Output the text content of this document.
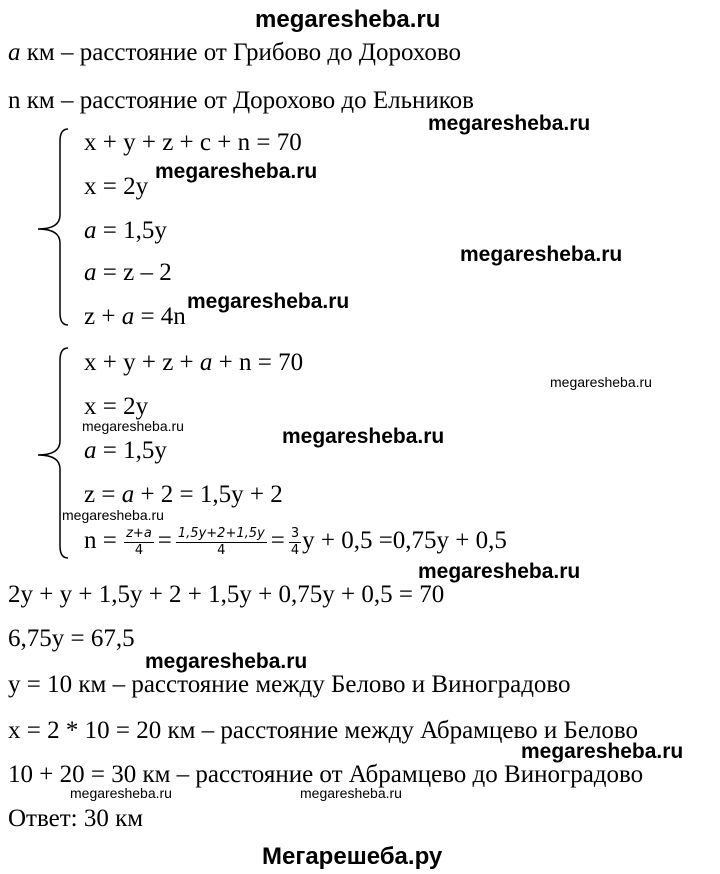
megaresheba.ru
a км – расстояние от Грибово до Дорохово
n км – расстояние от Дорохово до Ельников
x + y + z + c + n = 70
x = 2y
a = 1,5y
a = z – 2
z + a = 4n
x + y + z + a + n = 70
x = 2y
a = 1,5y
z = a + 2 = 1,5y + 2
$n = \frac{z+a}{4} = \frac{1,5y+2+1,5y}{4} = \frac{3}{4}$ y + 0,5 =0,75y + 0,5
2y + y + 1,5y + 2 + 1,5y + 0,75y + 0,5 = 70
6,75y = 67,5
y = 10 км – расстояние между Белово и Виноградово
x = 2 * 10 = 20 км – расстояние между Абрамцево и Белово
10 + 20 = 30 км – расстояние от Абрамцево до Виноградово
Ответ: 30 км
megaresheba.ru
megaresheba.ru
megaresheba.ru
megaresheba.ru
megaresheba.ru
megaresheba.ru	megaresheba.ru
megaresheba.ru
megaresheba.ru
megaresheba.ru
megaresheba.ru
megaresheba.ru	megaresheba.ru
Мегарешеба.ру
